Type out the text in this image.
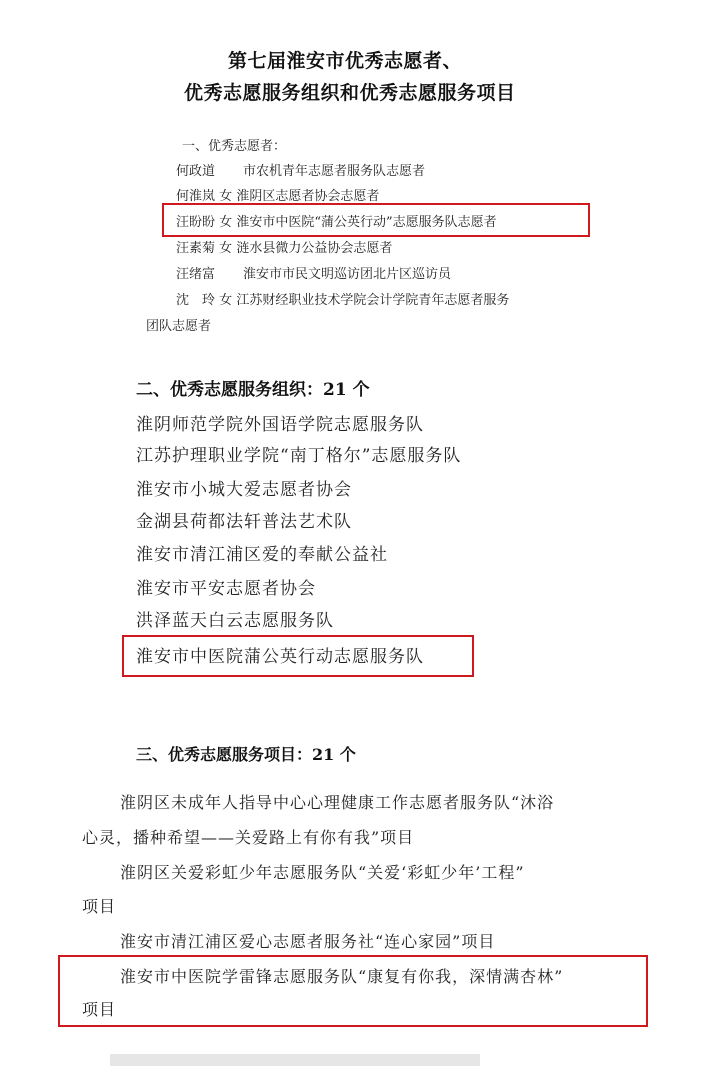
第七届淮安市优秀志愿者、
优秀志愿服务组织和优秀志愿服务项目
一、优秀志愿者：
何政道 市农机青年志愿者服务队志愿者
何淮岚 女 淮阴区志愿者协会志愿者
汪盼盼 女 淮安市中医院“蒲公英行动”志愿服务队志愿者
汪素菊 女 涟水县微力公益协会志愿者
汪绪富 淮安市市民文明巡访团北片区巡访员
沈　玲 女 江苏财经职业技术学院会计学院青年志愿者服务
团队志愿者
二、优秀志愿服务组织：21 个
淮阴师范学院外国语学院志愿服务队
江苏护理职业学院“南丁格尔”志愿服务队
淮安市小城大爱志愿者协会
金湖县荷都法轩普法艺术队
淮安市清江浦区爱的奉献公益社
淮安市平安志愿者协会
洪泽蓝天白云志愿服务队
淮安市中医院蒲公英行动志愿服务队
三、优秀志愿服务项目：21 个
淮阴区未成年人指导中心心理健康工作志愿者服务队“沐浴
心灵，播种希望——关爱路上有你有我”项目
淮阴区关爱彩虹少年志愿服务队“关爱‘彩虹少年’工程”
项目
淮安市清江浦区爱心志愿者服务社“连心家园”项目
淮安市中医院学雷锋志愿服务队“康复有你我，深情满杏林”
项目
